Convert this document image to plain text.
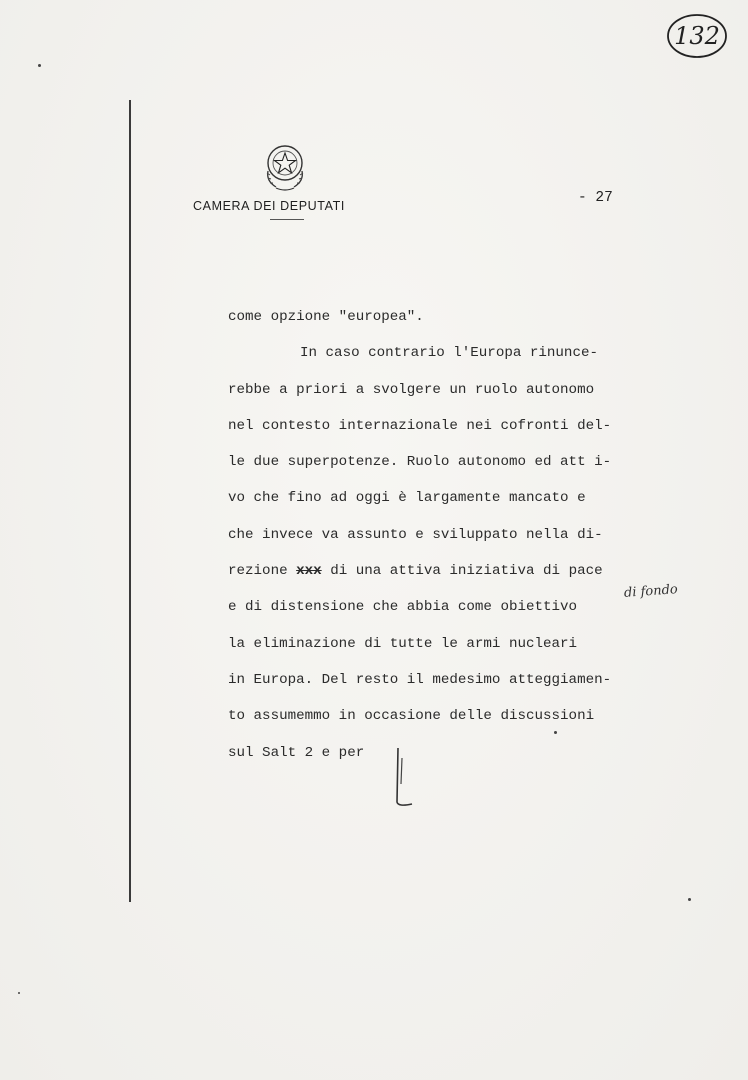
132
CAMERA DEI DEPUTATI	- 27
come opzione "europea".
In caso contrario l'Europa rinunce-
rebbe a priori a svolgere un ruolo autonomo
nel contesto internazionale nei cofronti del-
le due superpotenze. Ruolo autonomo ed att i-
vo che fino ad oggi è largamente mancato e
che invece va assunto e sviluppato nella di-
rezione xxx di una attiva iniziativa di pace
e di distensione che abbia come obiettivo
la eliminazione di tutte le armi nucleari
in Europa. Del resto il medesimo atteggiamen-
to assumemmo in occasione delle discussioni
sul Salt 2 e per
di fondo
